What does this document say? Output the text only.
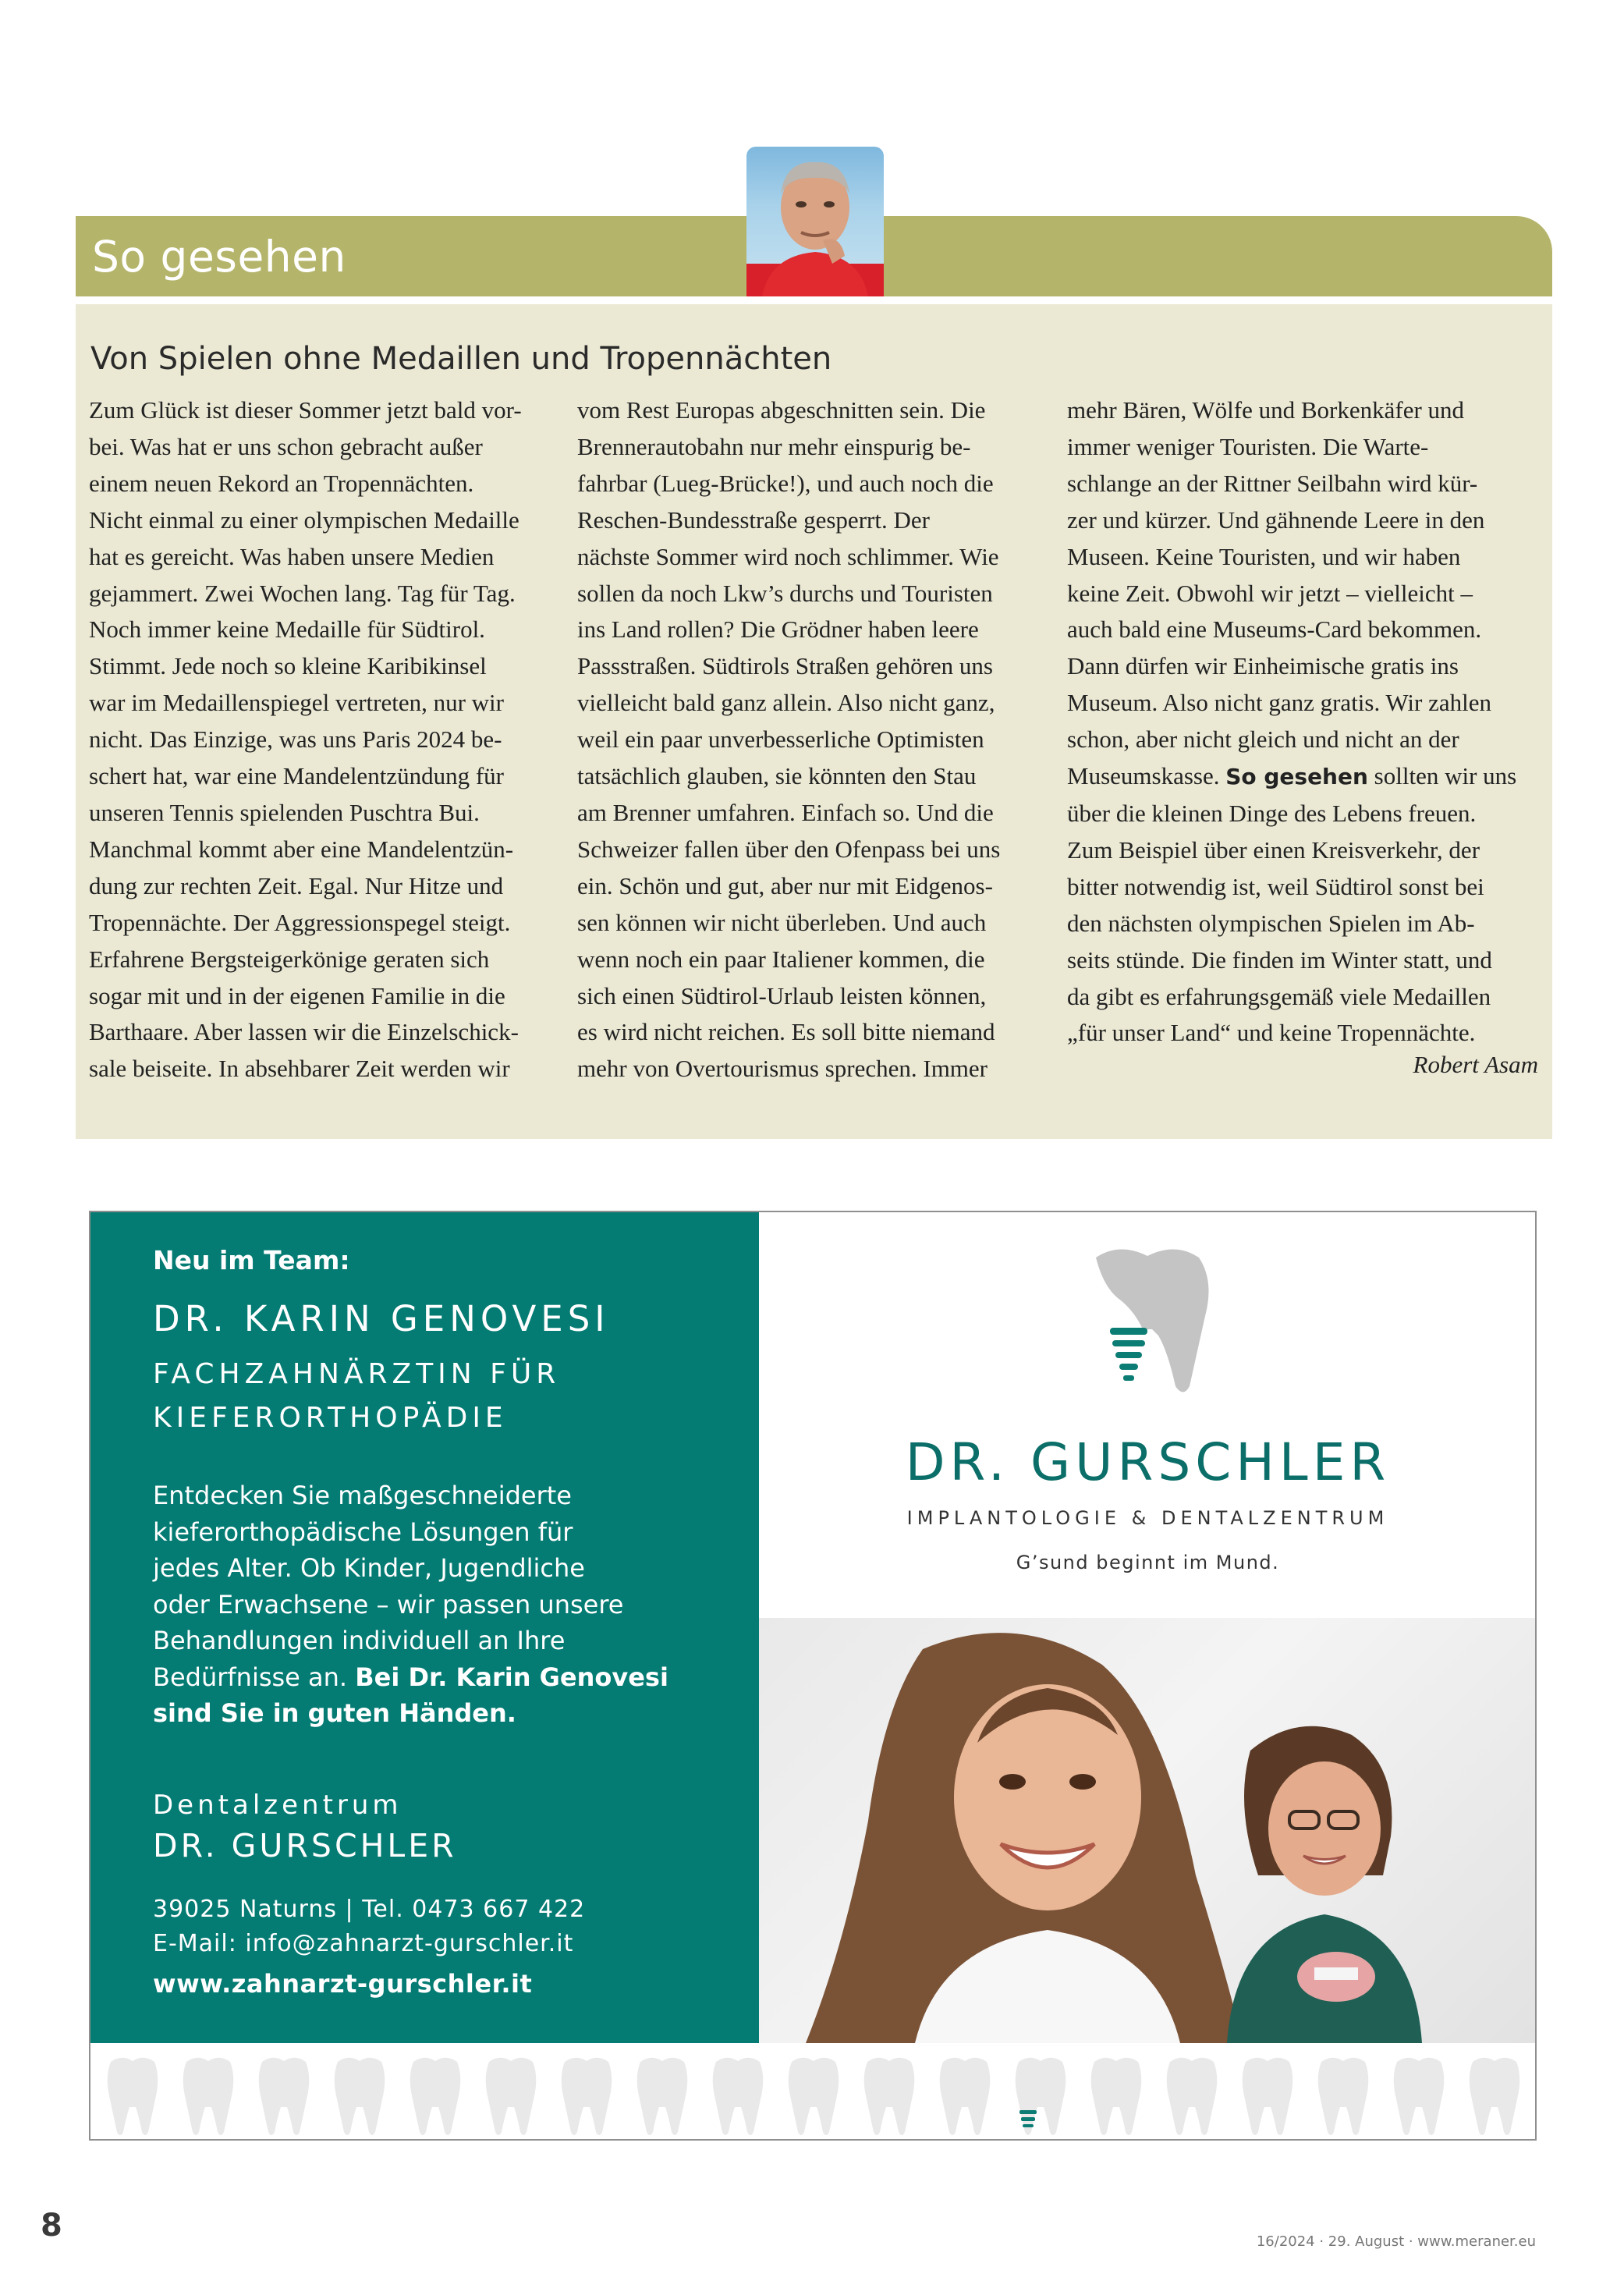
So gesehen
Von Spielen ohne Medaillen und Tropennächten
Zum Glück ist dieser Sommer jetzt bald vor-
bei. Was hat er uns schon gebracht außer
einem neuen Rekord an Tropennächten.
Nicht einmal zu einer olympischen Medaille
hat es gereicht. Was haben unsere Medien
gejammert. Zwei Wochen lang. Tag für Tag.
Noch immer keine Medaille für Südtirol.
Stimmt. Jede noch so kleine Karibikinsel
war im Medaillenspiegel vertreten, nur wir
nicht. Das Einzige, was uns Paris 2024 be-
schert hat, war eine Mandelentzündung für
unseren Tennis spielenden Puschtra Bui.
Manchmal kommt aber eine Mandelentzün-
dung zur rechten Zeit. Egal. Nur Hitze und
Tropennächte. Der Aggressionspegel steigt.
Erfahrene Bergsteigerkönige geraten sich
sogar mit und in der eigenen Familie in die
Barthaare. Aber lassen wir die Einzelschick-
sale beiseite. In absehbarer Zeit werden wir
vom Rest Europas abgeschnitten sein. Die
Brennerautobahn nur mehr einspurig be-
fahrbar (Lueg-Brücke!), und auch noch die
Reschen-Bundesstraße gesperrt. Der
nächste Sommer wird noch schlimmer. Wie
sollen da noch Lkw’s durchs und Touristen
ins Land rollen? Die Grödner haben leere
Passstraßen. Südtirols Straßen gehören uns
vielleicht bald ganz allein. Also nicht ganz,
weil ein paar unverbesserliche Optimisten
tatsächlich glauben, sie könnten den Stau
am Brenner umfahren. Einfach so. Und die
Schweizer fallen über den Ofenpass bei uns
ein. Schön und gut, aber nur mit Eidgenos-
sen können wir nicht überleben. Und auch
wenn noch ein paar Italiener kommen, die
sich einen Südtirol-Urlaub leisten können,
es wird nicht reichen. Es soll bitte niemand
mehr von Overtourismus sprechen. Immer
mehr Bären, Wölfe und Borkenkäfer und
immer weniger Touristen. Die Warte-
schlange an der Rittner Seilbahn wird kür-
zer und kürzer. Und gähnende Leere in den
Museen. Keine Touristen, und wir haben
keine Zeit. Obwohl wir jetzt – vielleicht –
auch bald eine Museums-Card bekommen.
Dann dürfen wir Einheimische gratis ins
Museum. Also nicht ganz gratis. Wir zahlen
schon, aber nicht gleich und nicht an der
Museumskasse. So gesehen sollten wir uns
über die kleinen Dinge des Lebens freuen.
Zum Beispiel über einen Kreisverkehr, der
bitter notwendig ist, weil Südtirol sonst bei
den nächsten olympischen Spielen im Ab-
seits stünde. Die finden im Winter statt, und
da gibt es erfahrungsgemäß viele Medaillen
„für unser Land“ und keine Tropennächte.
Robert Asam
Neu im Team:
DR. KARIN GENOVESI
FACHZAHNÄRZTIN FÜR
KIEFERORTHOPÄDIE
Entdecken Sie maßgeschneiderte
kieferorthopädische Lösungen für
jedes Alter. Ob Kinder, Jugendliche
oder Erwachsene – wir passen unsere
Behandlungen individuell an Ihre
Bedürfnisse an. Bei Dr. Karin Genovesi
sind Sie in guten Händen.
Dentalzentrum
DR. GURSCHLER
39025 Naturns | Tel. 0473 667 422
E-Mail: info@zahnarzt-gurschler.it
www.zahnarzt-gurschler.it
DR. GURSCHLER
IMPLANTOLOGIE & DENTALZENTRUM
G’sund beginnt im Mund.
8	16/2024 · 29. August · www.meraner.eu
